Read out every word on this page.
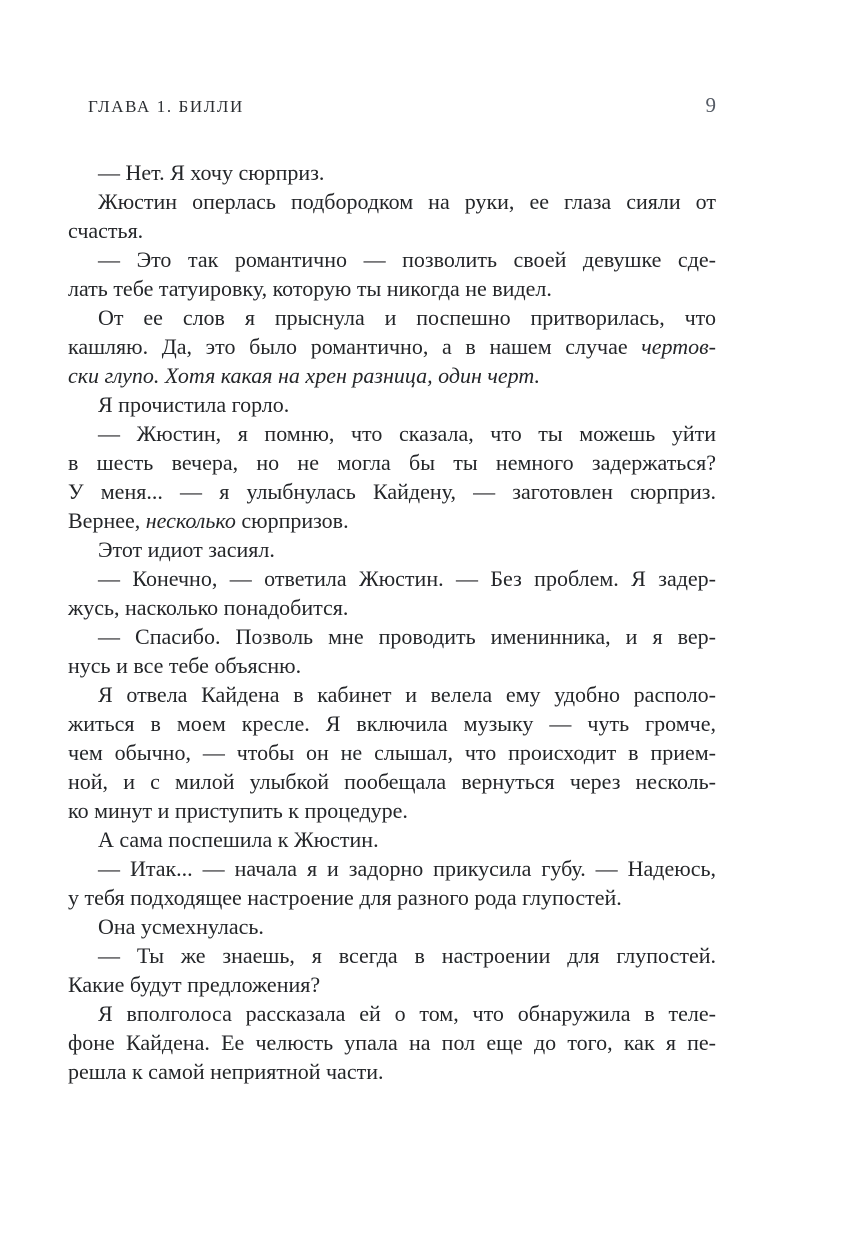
ГЛАВА 1. БИЛЛИ	9
— Нет. Я хочу сюрприз.
Жюстин оперлась подбородком на руки, ее глаза сияли от
счастья.
— Это так романтично — позволить своей девушке сде-
лать тебе татуировку, которую ты никогда не видел.
От ее слов я прыснула и поспешно притворилась, что
кашляю. Да, это было романтично, а в нашем случае чертов-
ски глупо. Хотя какая на хрен разница, один черт.
Я прочистила горло.
— Жюстин, я помню, что сказала, что ты можешь уйти
в шесть вечера, но не могла бы ты немного задержаться?
У меня... — я улыбнулась Кайдену, — заготовлен сюрприз.
Вернее, несколько сюрпризов.
Этот идиот засиял.
— Конечно, — ответила Жюстин. — Без проблем. Я задер-
жусь, насколько понадобится.
— Спасибо. Позволь мне проводить именинника, и я вер-
нусь и все тебе объясню.
Я отвела Кайдена в кабинет и велела ему удобно располо-
житься в моем кресле. Я включила музыку — чуть громче,
чем обычно, — чтобы он не слышал, что происходит в прием-
ной, и с милой улыбкой пообещала вернуться через несколь-
ко минут и приступить к процедуре.
А сама поспешила к Жюстин.
— Итак... — начала я и задорно прикусила губу. — Надеюсь,
у тебя подходящее настроение для разного рода глупостей.
Она усмехнулась.
— Ты же знаешь, я всегда в настроении для глупостей.
Какие будут предложения?
Я вполголоса рассказала ей о том, что обнаружила в теле-
фоне Кайдена. Ее челюсть упала на пол еще до того, как я пе-
решла к самой неприятной части.
